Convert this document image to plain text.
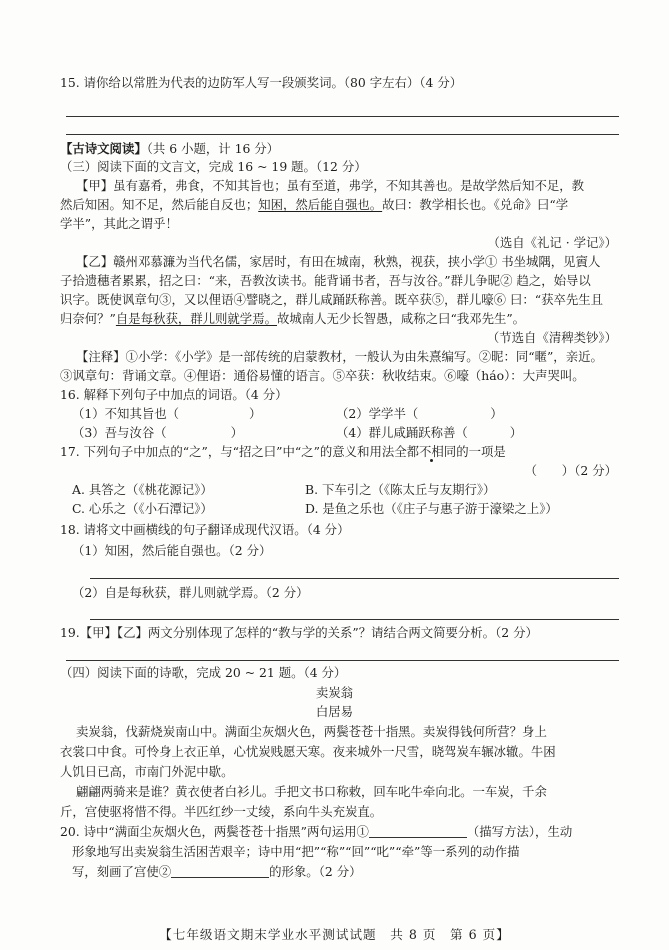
15. 请你给以常胜为代表的边防军人写一段颁奖词。（80 字左右）（4 分）
【古诗文阅读】（共 6 小题，计 16 分）
（三）阅读下面的文言文，完成 16 ~ 19 题。（12 分）
【甲】虽有嘉肴，弗食，不知其旨也；虽有至道，弗学，不知其善也。是故学然后知不足，教
然后知困。知不足，然后能自反也；知困，然后能自强也。故曰：教学相长也。《兑命》曰“学
学半”，其此之谓乎！
（选自《礼记 · 学记》）
【乙】赣州邓慕濂为当代名儒，家居时，有田在城南，秋熟，视获，挟小学① 书坐城隅，见賨人
子拾遗穗者累累，招之曰：“来，吾教汝读书。能背诵书者，吾与汝谷。”群儿争昵② 趋之，始导以
识字。既使讽章句③，又以俚语④譬晓之，群儿咸踊跃称善。既卒获⑤，群儿嚎⑥ 曰：“获卒先生且
归奈何？”自是每秋获，群儿则就学焉。故城南人无少长智愚，咸称之曰“我邓先生”。
（节选自《清稗类钞》）
【注释】①小学：《小学》是一部传统的启蒙教材，一般认为由朱熹编写。②昵：同“暱”，亲近。
③讽章句：背诵文章。④俚语：通俗易懂的语言。⑤卒获：秋收结束。⑥嚎（háo）：大声哭叫。
16. 解释下列句子中加点的词语。（4 分）
（1）不知其旨也（	）	（2）学学半（	）
（3）吾与汝谷（	）	（4）群儿咸踊跃称善（	）
17. 下列句子中加点的“之”，与“招之曰”中“之”的意义和用法全都不相同的一项是
（　　）（2 分）
A. 具答之（《桃花源记》）	B. 下车引之（《陈太丘与友期行》）
C. 心乐之（《小石潭记》）	D. 是鱼之乐也（《庄子与惠子游于濠梁之上》）
18. 请将文中画横线的句子翻译成现代汉语。（4 分）
（1）知困，然后能自强也。（2 分）
（2）自是每秋获，群儿则就学焉。（2 分）
19.【甲】【乙】两文分别体现了怎样的“教与学的关系”？请结合两文简要分析。（2 分）
（四）阅读下面的诗歌，完成 20 ~ 21 题。（4 分）
卖炭翁
白居易
卖炭翁，伐薪烧炭南山中。满面尘灰烟火色，两鬓苍苍十指黑。卖炭得钱何所营？身上
衣裳口中食。可怜身上衣正单，心忧炭贱愿天寒。夜来城外一尺雪，晓驾炭车辗冰辙。牛困
人饥日已高，市南门外泥中歇。
翩翩两骑来是谁？黄衣使者白衫儿。手把文书口称敕，回车叱牛牵向北。一车炭，千余
斤，宫使驱将惜不得。半匹红纱一丈绫，系向牛头充炭直。
20. 诗中“满面尘灰烟火色，两鬓苍苍十指黑”两句运用①	（描写方法），生动
形象地写出卖炭翁生活困苦艰辛；诗中用“把”“称”“回”“叱”“牵”等一系列的动作描
写，刻画了宫使②	的形象。（2 分）
【七年级语文期末学业水平测试试题　共 8 页　第 6 页】
